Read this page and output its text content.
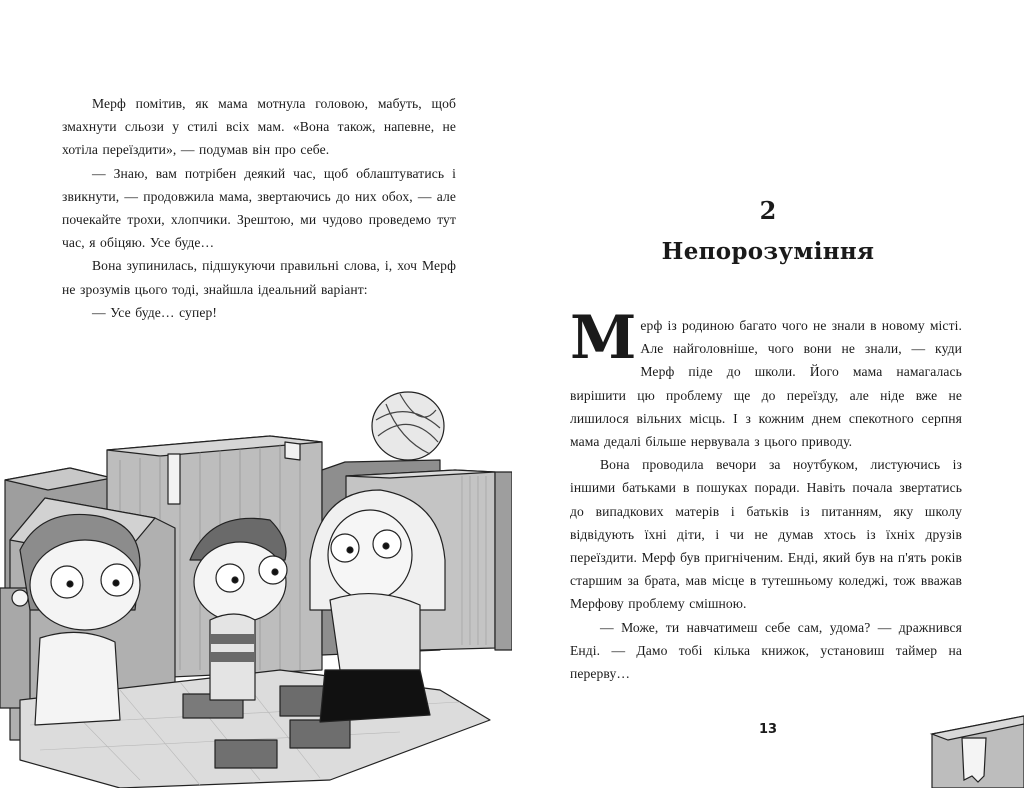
Мерф помітив, як мама мотнула головою, мабуть, щоб змахнути сльози у стилі всіх мам. «Вона також, напевне, не хотіла переїздити», — подумав він про себе.

— Знаю, вам потрібен деякий час, щоб облаштуватись і звикнути, — продовжила мама, звертаючись до них обох, — але почекайте трохи, хлопчики. Зрештою, ми чудово проведемо тут час, я обіцяю. Усе буде…

Вона зупинилась, підшукуючи правильні слова, і, хоч Мерф не зрозумів цього тоді, знайшла ідеальний варіант:

— Усе буде… супер!

2
Непорозуміння
13

Мерф із родиною багато чого не знали в новому місті. Але найголовніше, чого вони не знали, — куди Мерф піде до школи. Його мама намагалась вирішити цю проблему ще до переїзду, але ніде вже не лишилося вільних місць. І з кожним днем спекотного серпня мама дедалі більше нервувала з цього приводу.

Вона проводила вечори за ноутбуком, листуючись із іншими батьками в пошуках поради. Навіть почала звертатись до випадкових матерів і батьків із питанням, яку школу відвідують їхні діти, і чи не думав хтось із їхніх друзів переїздити. Мерф був пригніченим. Енді, який був на п'ять років старшим за брата, мав місце в тутешньому коледжі, тож вважав Мерфову проблему смішною.

— Може, ти навчатимеш себе сам, удома? — дражнився Енді. — Дамо тобі кілька книжок, установиш таймер на перерву…
